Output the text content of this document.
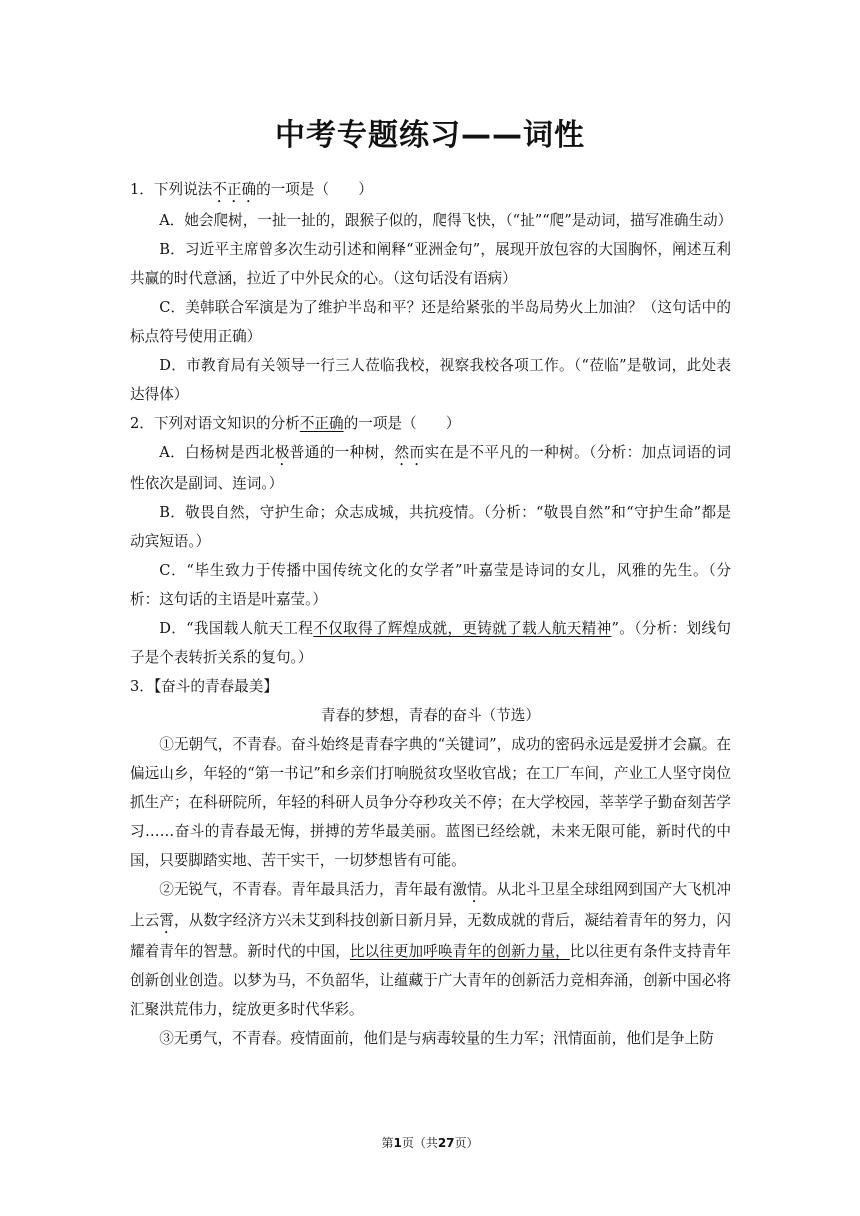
中考专题练习——词性

1．下列说法不正确的一项是（　　）

A．她会爬树，一扯一扯的，跟猴子似的，爬得飞快，（“扯”“爬”是动词，描写准确生动）

B．习近平主席曾多次生动引述和阐释“亚洲金句”，展现开放包容的大国胸怀，阐述互利共赢的时代意涵，拉近了中外民众的心。（这句话没有语病）

C．美韩联合军演是为了维护半岛和平？还是给紧张的半岛局势火上加油？（这句话中的标点符号使用正确）

D．市教育局有关领导一行三人莅临我校，视察我校各项工作。（“莅临”是敬词，此处表达得体）

2．下列对语文知识的分析不正确的一项是（　　）

A．白杨树是西北极普通的一种树，然而实在是不平凡的一种树。（分析：加点词语的词性依次是副词、连词。）

B．敬畏自然，守护生命；众志成城，共抗疫情。（分析：“敬畏自然”和“守护生命”都是动宾短语。）

C．“毕生致力于传播中国传统文化的女学者”叶嘉莹是诗词的女儿，风雅的先生。（分析：这句话的主语是叶嘉莹。）

D．“我国载人航天工程不仅取得了辉煌成就，更铸就了载人航天精神”。（分析：划线句子是个表转折关系的复句。）

3．【奋斗的青春最美】

青春的梦想，青春的奋斗（节选）

①无朝气，不青春。奋斗始终是青春字典的“关键词”，成功的密码永远是爱拼才会赢。在偏远山乡，年轻的“第一书记”和乡亲们打响脱贫攻坚收官战；在工厂车间，产业工人坚守岗位抓生产；在科研院所，年轻的科研人员争分夺秒攻关不停；在大学校园，莘莘学子勤奋刻苦学习……奋斗的青春最无悔，拼搏的芳华最美丽。蓝图已经绘就，未来无限可能，新时代的中国，只要脚踏实地、苦干实干，一切梦想皆有可能。

②无锐气，不青春。青年最具活力，青年最有激情。从北斗卫星全球组网到国产大飞机冲上云霄，从数字经济方兴未艾到科技创新日新月异，无数成就的背后，凝结着青年的努力，闪耀着青年的智慧。新时代的中国，比以往更加呼唤青年的创新力量，比以往更有条件支持青年创新创业创造。以梦为马，不负韶华，让蕴藏于广大青年的创新活力竞相奔涌，创新中国必将汇聚洪荒伟力，绽放更多时代华彩。

③无勇气，不青春。疫情面前，他们是与病毒较量的生力军；汛情面前，他们是争上防

第1页（共27页）
